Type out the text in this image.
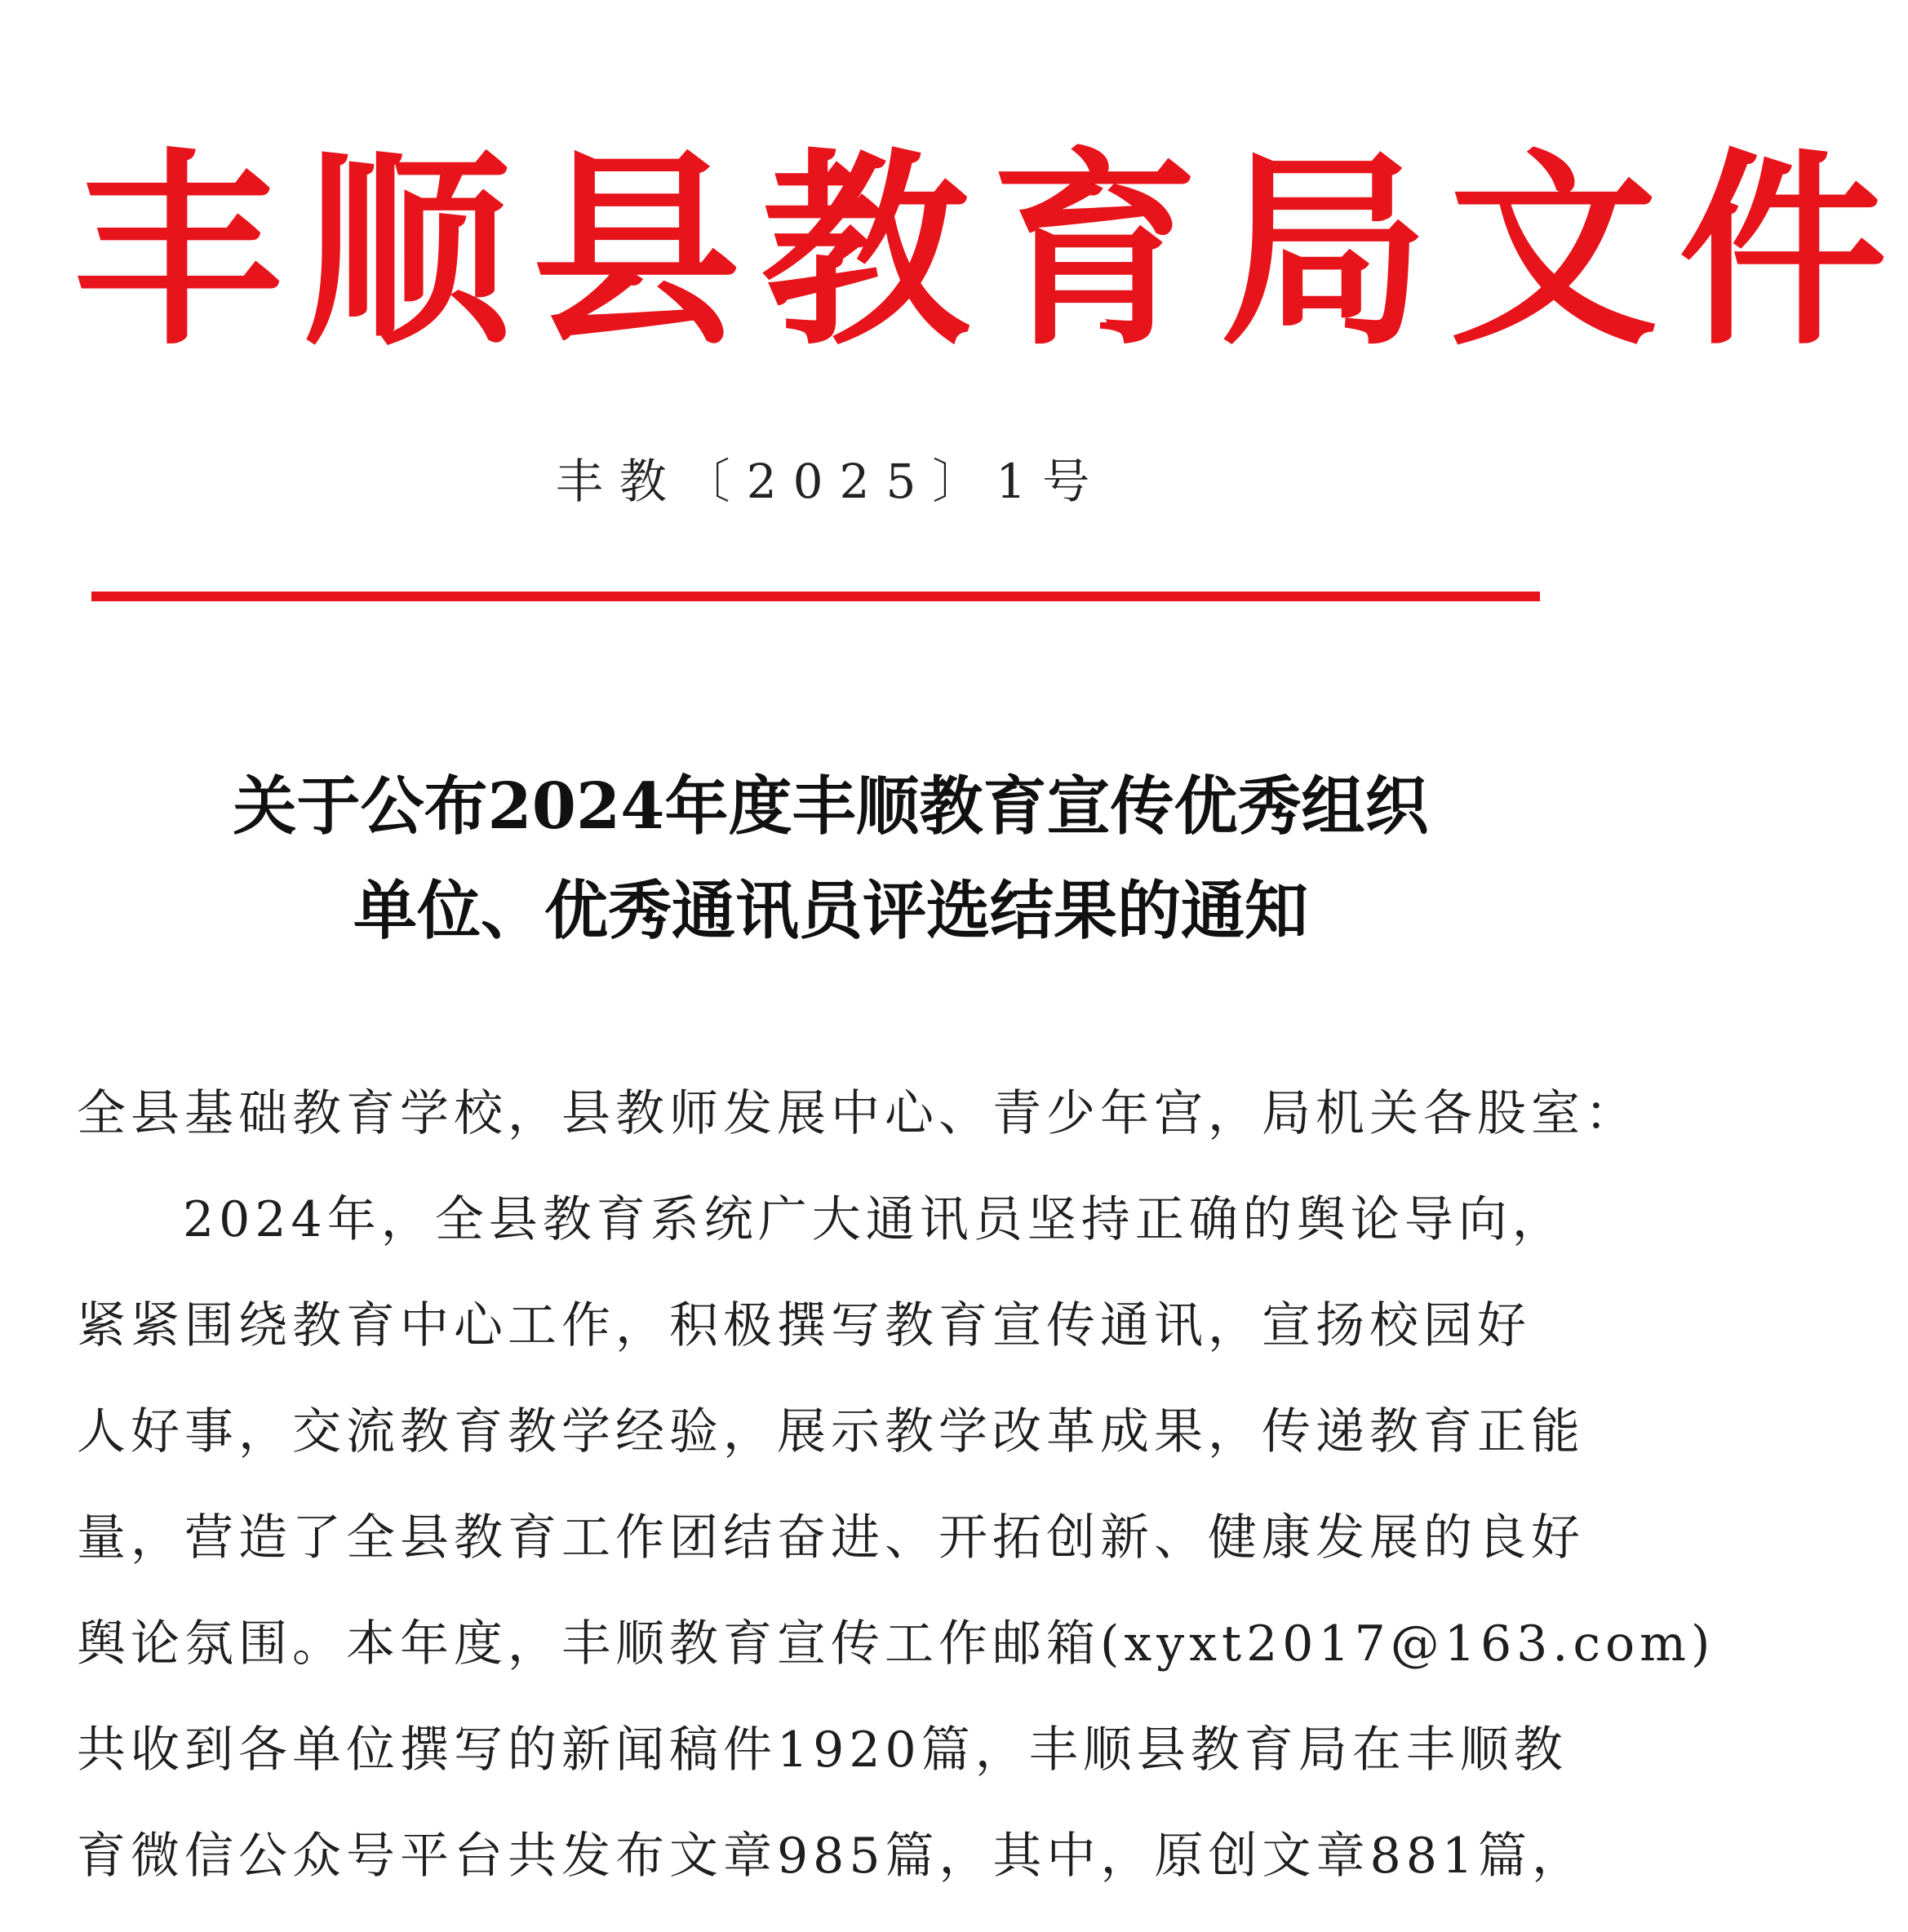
丰顺县教育局文件
丰教〔2025〕1号
关于公布2024年度丰顺教育宣传优秀组织
单位、优秀通讯员评选结果的通知
全县基础教育学校，县教师发展中心、青少年宫，局机关各股室：
2024年，全县教育系统广大通讯员坚持正确的舆论导向，
紧紧围绕教育中心工作，积极撰写教育宣传通讯，宣扬校园好
人好事，交流教育教学经验，展示教学改革成果，传递教育正能
量，营造了全县教育工作团结奋进、开拓创新、健康发展的良好
舆论氛围。本年度，丰顺教育宣传工作邮箱(xyxt2017@163.com)
共收到各单位撰写的新闻稿件1920篇，丰顺县教育局在丰顺教
育微信公众号平台共发布文章985篇，其中，原创文章881篇，
